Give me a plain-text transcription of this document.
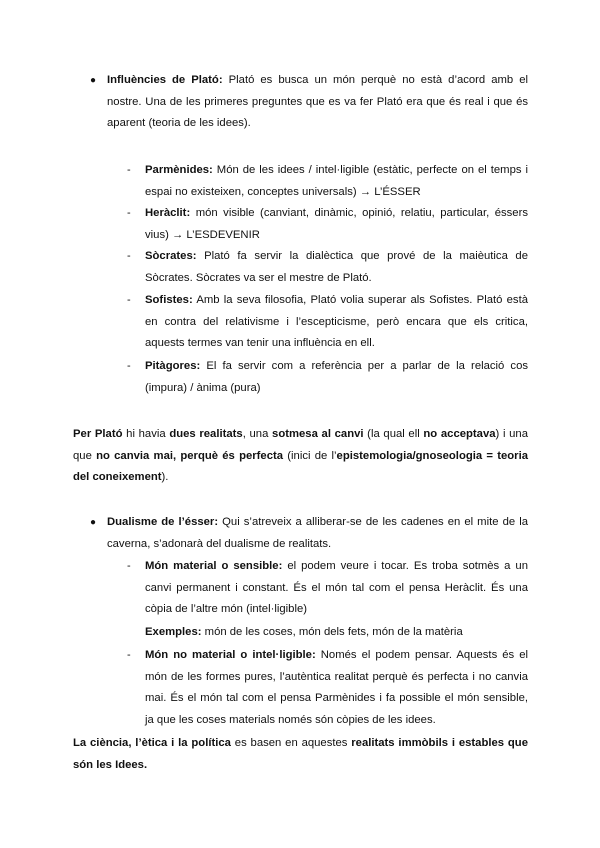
● Influències de Plató: Plató es busca un món perquè no està d’acord amb el nostre. Una de les primeres preguntes que es va fer Plató era que és real i que és aparent (teoria de les idees).
- Parmènides: Món de les idees / intel·ligible (estàtic, perfecte on el temps i espai no existeixen, conceptes universals) → L’ÉSSER
- Heràclit: món visible (canviant, dinàmic, opinió, relatiu, particular, éssers vius) → L’ESDEVENIR
- Sòcrates: Plató fa servir la dialèctica que prové de la maièutica de Sòcrates. Sòcrates va ser el mestre de Plató.
- Sofistes: Amb la seva filosofia, Plató volia superar als Sofistes. Plató està en contra del relativisme i l’escepticisme, però encara que els critica, aquests termes van tenir una influència en ell.
- Pitàgores: El fa servir com a referència per a parlar de la relació cos (impura) / ànima (pura)
Per Plató hi havia dues realitats, una sotmesa al canvi (la qual ell no acceptava) i una que no canvia mai, perquè és perfecta (inici de l’epistemologia/gnoseologia = teoria del coneixement).
● Dualisme de l’ésser: Qui s’atreveix a alliberar-se de les cadenes en el mite de la caverna, s’adonarà del dualisme de realitats.
- Món material o sensible: el podem veure i tocar. Es troba sotmès a un canvi permanent i constant. És el món tal com el pensa Heràclit. És una còpia de l’altre món (intel·ligible)
Exemples: món de les coses, món dels fets, món de la matèria
- Món no material o intel·ligible: Només el podem pensar. Aquests és el món de les formes pures, l’autèntica realitat perquè és perfecta i no canvia mai. És el món tal com el pensa Parmènides i fa possible el món sensible, ja que les coses materials només són còpies de les idees.
La ciència, l’ètica i la política es basen en aquestes realitats immòbils i estables que són les Idees.
